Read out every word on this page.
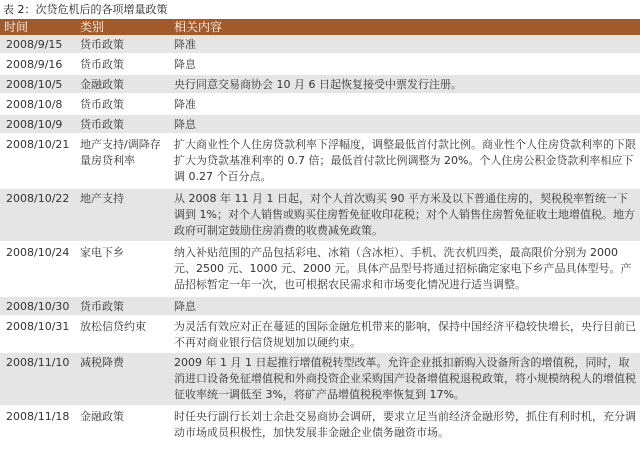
表 2：次贷危机后的各项增量政策
时间	类别	相关内容
2008/9/15	货币政策	降准
2008/9/16	货币政策	降息
2008/10/5	金融政策	央行同意交易商协会 10 月 6 日起恢复接受中票发行注册。
2008/10/8	货币政策	降准
2008/10/9	货币政策	降息
2008/10/21	地产支持/调降存量房贷利率	扩大商业性个人住房贷款利率下浮幅度，调整最低首付款比例。商业性个人住房贷款利率的下限扩大为贷款基准利率的 0.7 倍；最低首付款比例调整为 20%。个人住房公积金贷款利率相应下调 0.27 个百分点。
2008/10/22	地产支持	从 2008 年 11 月 1 日起，对个人首次购买 90 平方米及以下普通住房的，契税税率暂统一下调到 1%；对个人销售或购买住房暂免征收印花税；对个人销售住房暂免征收土地增值税。地方政府可制定鼓励住房消费的收费减免政策。
2008/10/24	家电下乡	纳入补贴范围的产品包括彩电、冰箱（含冰柜）、手机、洗衣机四类，最高限价分别为 2000 元、2500 元、1000 元、2000 元。具体产品型号将通过招标确定家电下乡产品具体型号。产品招标暂定一年一次，也可根据农民需求和市场变化情况进行适当调整。
2008/10/30	货币政策	降息
2008/10/31	放松信贷约束	为灵活有效应对正在蔓延的国际金融危机带来的影响，保持中国经济平稳较快增长，央行目前已不再对商业银行信贷规划加以硬约束。
2008/11/10	减税降费	2009 年 1 月 1 日起推行增值税转型改革。允许企业抵扣新购入设备所含的增值税，同时，取消进口设备免征增值税和外商投资企业采购国产设备增值税退税政策，将小规模纳税人的增值税征收率统一调低至 3%，将矿产品增值税税率恢复到 17%。
2008/11/18	金融政策	时任央行副行长刘士余赴交易商协会调研，要求立足当前经济金融形势，抓住有利时机，充分调动市场成员积极性，加快发展非金融企业债务融资市场。
